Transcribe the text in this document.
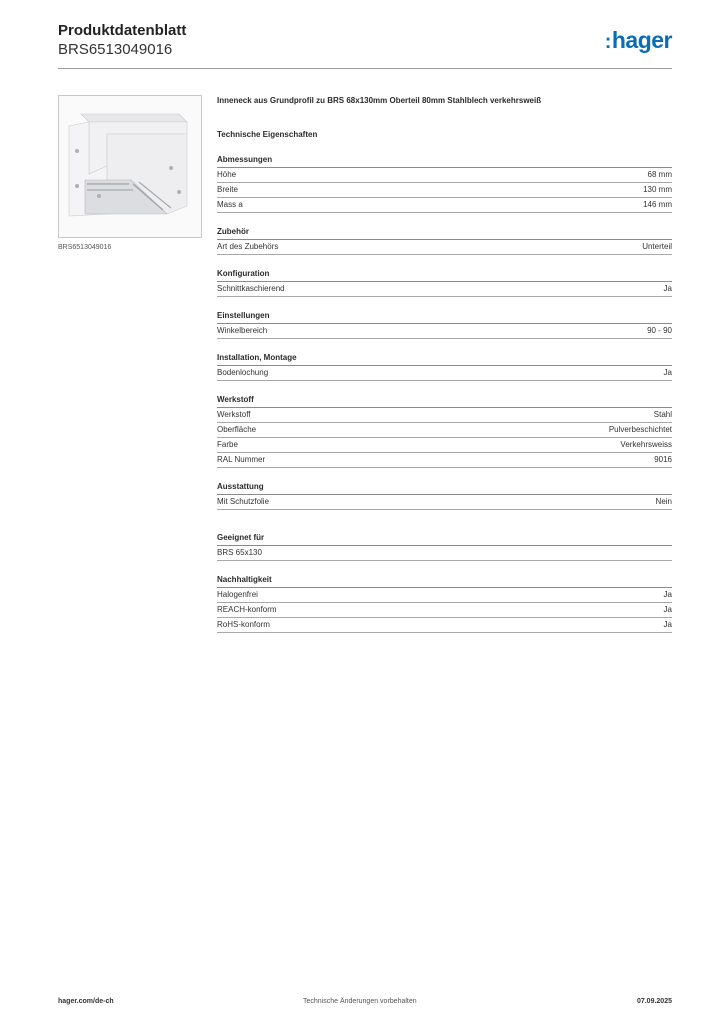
Produktdatenblatt
BRS6513049016	:hager
BRS6513049016
Inneneck aus Grundprofil zu BRS 68x130mm Oberteil 80mm Stahlblech verkehrsweiß
Technische Eigenschaften
Abmessungen
Höhe	68 mm
Breite	130 mm
Mass a	146 mm
Zubehör
Art des Zubehörs	Unterteil
Konfiguration
Schnittkaschierend	Ja
Einstellungen
Winkelbereich	90 - 90
Installation, Montage
Bodenlochung	Ja
Werkstoff
Werkstoff	Stahl
Oberfläche	Pulverbeschichtet
Farbe	Verkehrsweiss
RAL Nummer	9016
Ausstattung
Mit Schutzfolie	Nein
Geeignet für
BRS 65x130
Nachhaltigkeit
Halogenfrei	Ja
REACH-konform	Ja
RoHS-konform	Ja
hager.com/de-ch	Technische Änderungen vorbehalten	07.09.2025
